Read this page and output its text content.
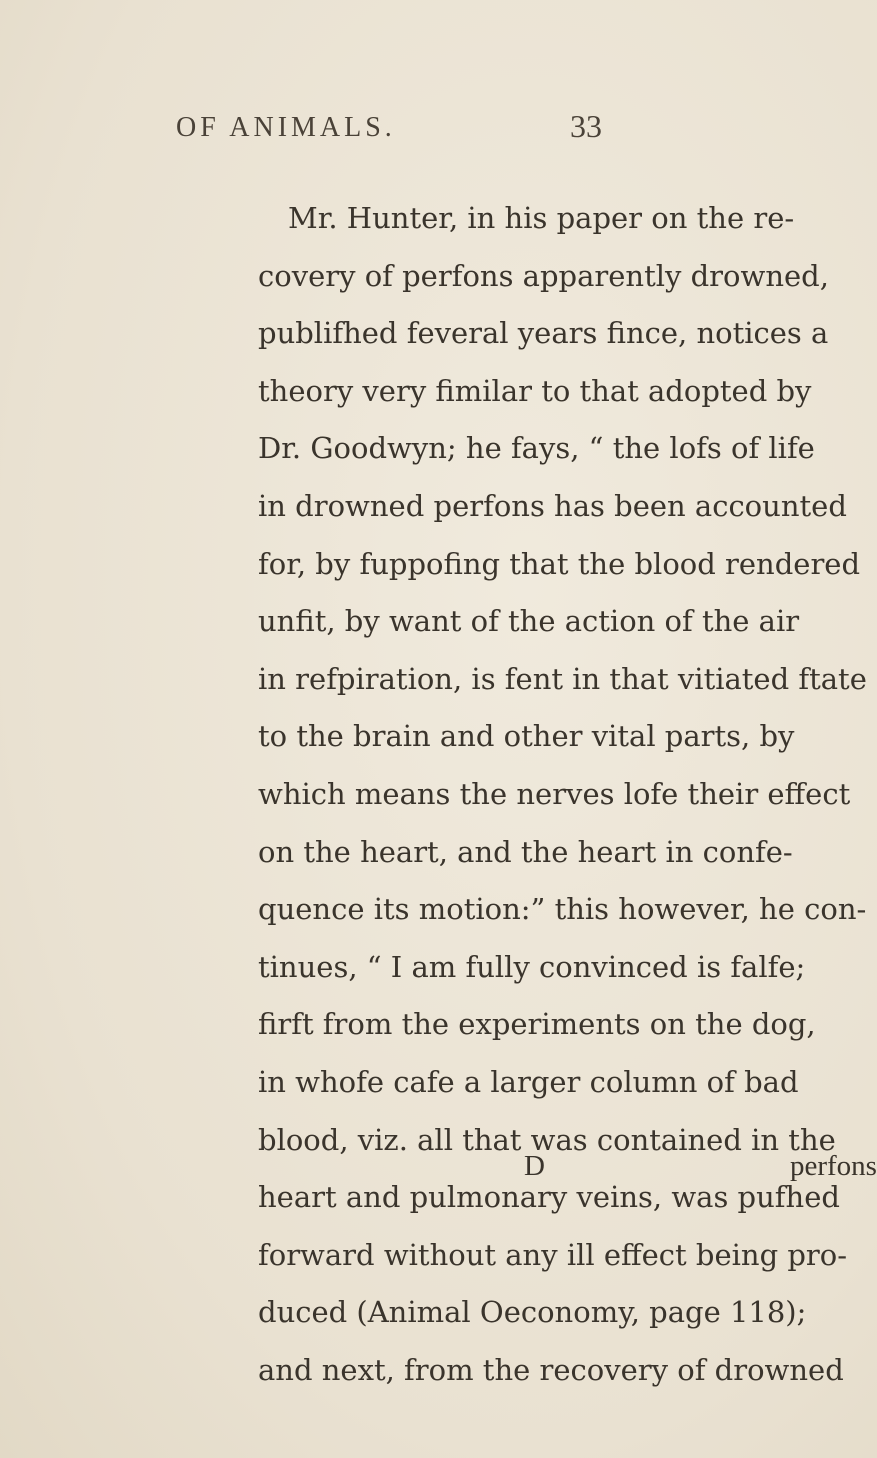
OF ANIMALS.	33
Mr. Hunter, in his paper on the re-
covery of perfons apparently drowned,
publifhed feveral years fince, notices a
theory very fimilar to that adopted by
Dr. Goodwyn; he fays, “ the lofs of life
in drowned perfons has been accounted
for, by fuppofing that the blood rendered
unfit, by want of the action of the air
in refpiration, is fent in that vitiated ftate
to the brain and other vital parts, by
which means the nerves lofe their effect
on the heart, and the heart in confe-
quence its motion:” this however, he con-
tinues, “ I am fully convinced is falfe;
firft from the experiments on the dog,
in whofe cafe a larger column of bad
blood, viz. all that was contained in the
heart and pulmonary veins, was pufhed
forward without any ill effect being pro-
duced (Animal Oeconomy, page 118);
and next, from the recovery of drowned
D	perfons
